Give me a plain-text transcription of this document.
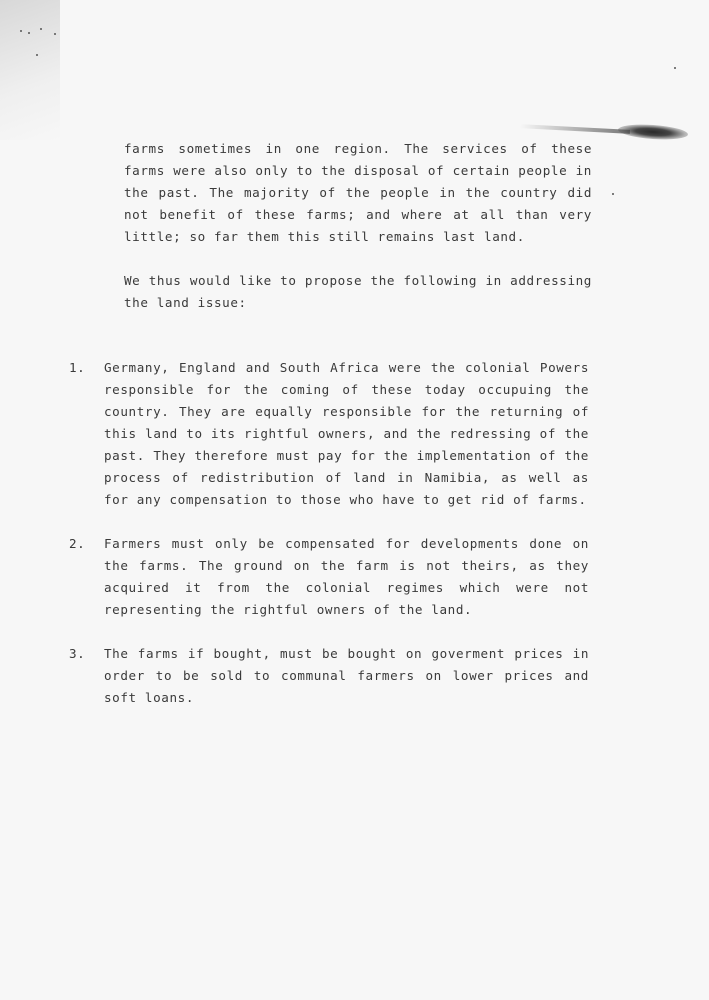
farms sometimes in one region. The services of these farms were also only to the disposal of certain people in the past. The majority of the people in the country did not benefit of these farms; and where at all than very little; so far them this still remains last land.

We thus would like to propose the following in addressing the land issue:

1.	Germany, England and South Africa were the colonial Powers responsible for the coming of these today occupuing the country. They are equally responsible for the returning of this land to its rightful owners, and the redressing of the past. They therefore must pay for the implementation of the process of redistribution of land in Namibia, as well as for any compensation to those who have to get rid of farms.
2.	Farmers must only be compensated for developments done on the farms. The ground on the farm is not theirs, as they acquired it from the colonial regimes which were not representing the rightful owners of the land.
3.	The farms if bought, must be bought on goverment prices in order to be sold to communal farmers on lower prices and soft loans.
